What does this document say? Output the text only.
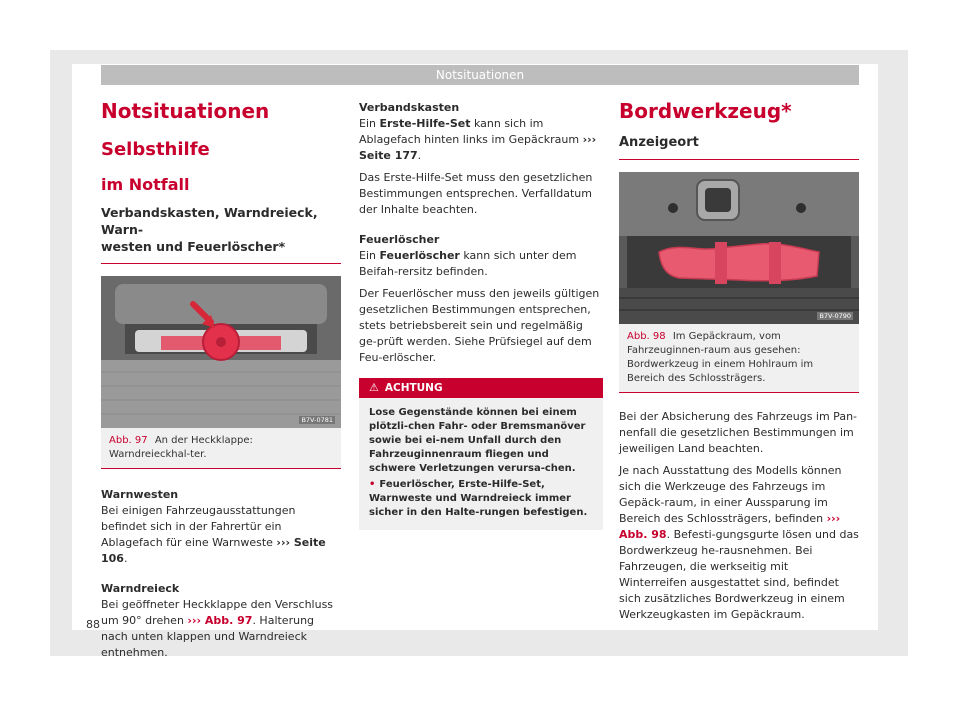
Notsituationen
Notsituationen
Selbsthilfe
im Notfall
Verbandskasten, Warndreieck, Warn-
westen und Feuerlöscher*
B7V-0781
Abb. 97 An der Heckklappe: Warndreieckhal-ter.
Warnwesten
Bei einigen Fahrzeugausstattungen befindet sich in der Fahrertür ein Ablagefach für eine Warnweste ››› Seite 106.
Warndreieck
Bei geöffneter Heckklappe den Verschluss um 90° drehen ››› Abb. 97. Halterung nach unten klappen und Warndreieck entnehmen.
Verbandskasten
Ein Erste-Hilfe-Set kann sich im Ablagefach hinten links im Gepäckraum ››› Seite 177.
Das Erste-Hilfe-Set muss den gesetzlichen Bestimmungen entsprechen. Verfalldatum der Inhalte beachten.
Feuerlöscher
Ein Feuerlöscher kann sich unter dem Beifah-rersitz befinden.
Der Feuerlöscher muss den jeweils gültigen gesetzlichen Bestimmungen entsprechen, stets betriebsbereit sein und regelmäßig ge-prüft werden. Siehe Prüfsiegel auf dem Feu-erlöscher.
⚠ ACHTUNG
Lose Gegenstände können bei einem plötzli-chen Fahr- oder Bremsmanöver sowie bei ei-nem Unfall durch den Fahrzeuginnenraum fliegen und schwere Verletzungen verursa-chen.
• Feuerlöscher, Erste-Hilfe-Set, Warnweste und Warndreieck immer sicher in den Halte-rungen befestigen.
Bordwerkzeug*
Anzeigeort
B7V-0790
Abb. 98 Im Gepäckraum, vom Fahrzeuginnen-raum aus gesehen: Bordwerkzeug in einem Hohlraum im Bereich des Schlossträgers.
Bei der Absicherung des Fahrzeugs im Pan-nenfall die gesetzlichen Bestimmungen im jeweiligen Land beachten.
Je nach Ausstattung des Modells können sich die Werkzeuge des Fahrzeugs im Gepäck-raum, in einer Aussparung im Bereich des Schlossträgers, befinden ››› Abb. 98. Befesti-gungsgurte lösen und das Bordwerkzeug he-rausnehmen. Bei Fahrzeugen, die werkseitig mit Winterreifen ausgestattet sind, befindet sich zusätzliches Bordwerkzeug in einem Werkzeugkasten im Gepäckraum.
88
